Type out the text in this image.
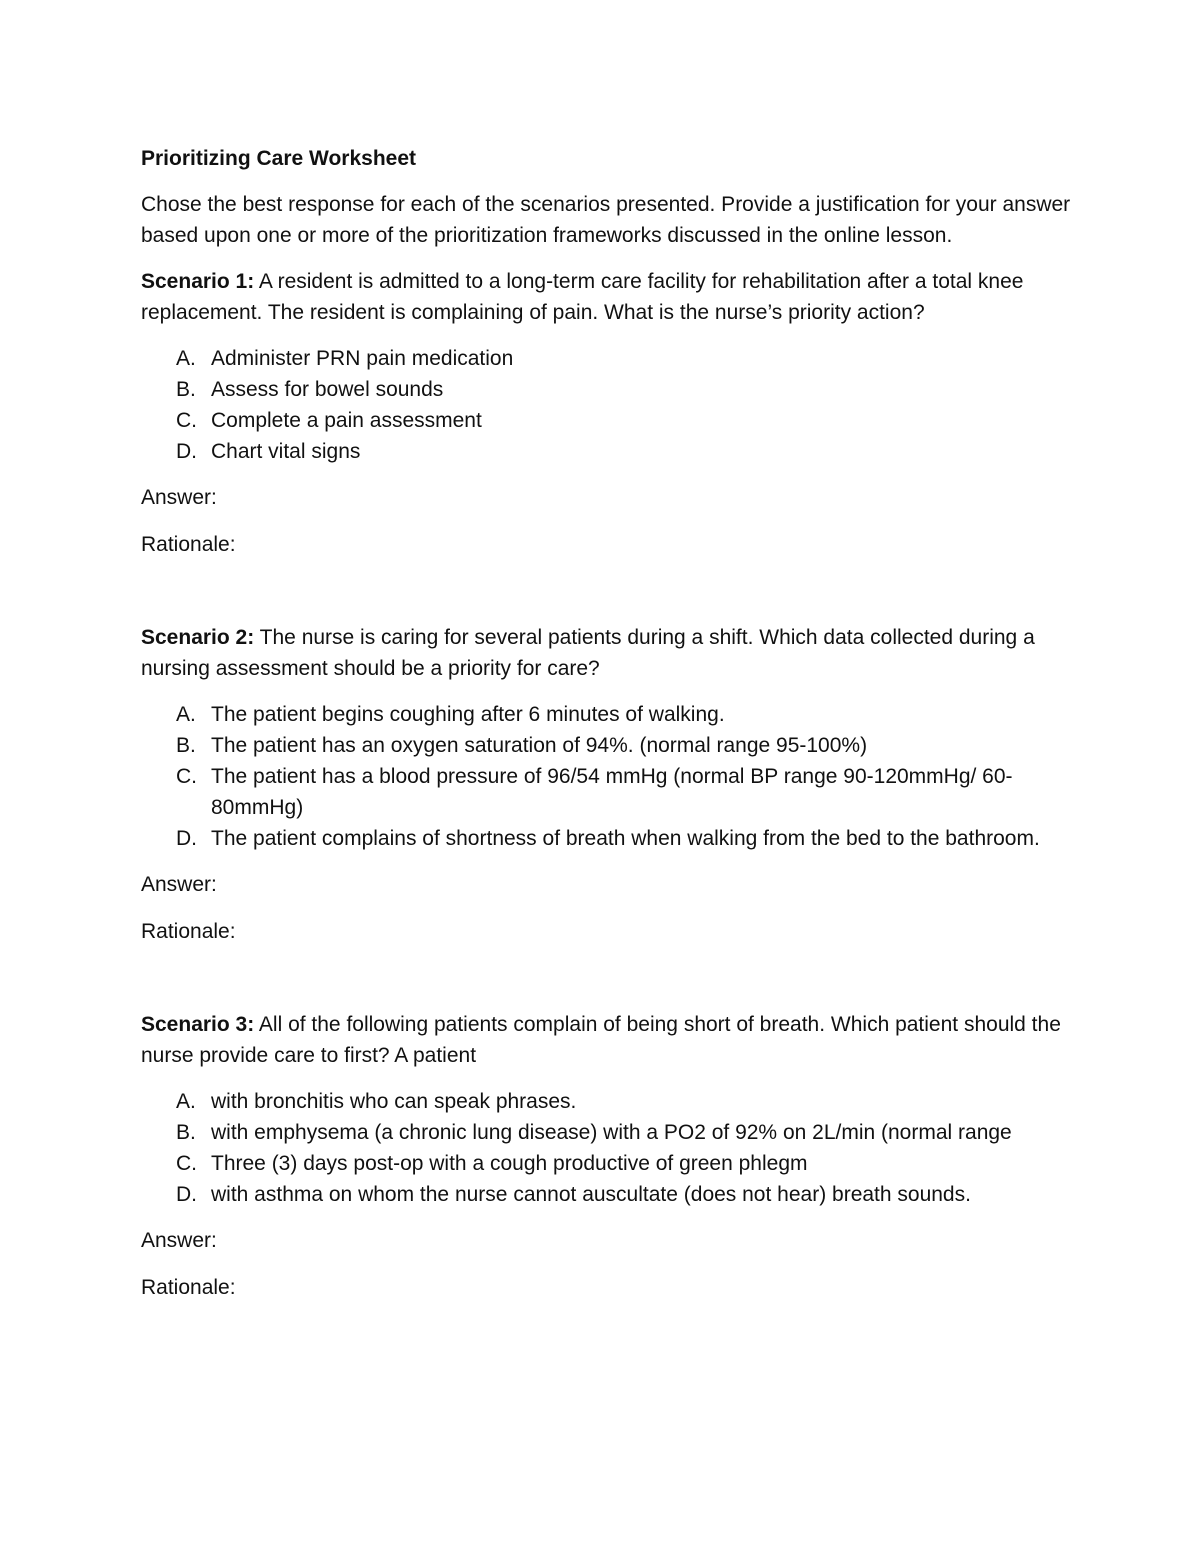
Prioritizing Care Worksheet
Chose the best response for each of the scenarios presented. Provide a justification for your answer based upon one or more of the prioritization frameworks discussed in the online lesson.
Scenario 1: A resident is admitted to a long-term care facility for rehabilitation after a total knee replacement. The resident is complaining of pain. What is the nurse’s priority action?
A. Administer PRN pain medication
B. Assess for bowel sounds
C. Complete a pain assessment
D. Chart vital signs
Answer:
Rationale:
Scenario 2: The nurse is caring for several patients during a shift. Which data collected during a nursing assessment should be a priority for care?
A. The patient begins coughing after 6 minutes of walking.
B. The patient has an oxygen saturation of 94%. (normal range 95-100%)
C. The patient has a blood pressure of 96/54 mmHg (normal BP range 90-120mmHg/ 60-80mmHg)
D. The patient complains of shortness of breath when walking from the bed to the bathroom.
Answer:
Rationale:
Scenario 3: All of the following patients complain of being short of breath. Which patient should the nurse provide care to first? A patient
A. with bronchitis who can speak phrases.
B. with emphysema (a chronic lung disease) with a PO2 of 92% on 2L/min (normal range
C. Three (3) days post-op with a cough productive of green phlegm
D. with asthma on whom the nurse cannot auscultate (does not hear) breath sounds.
Answer:
Rationale:
